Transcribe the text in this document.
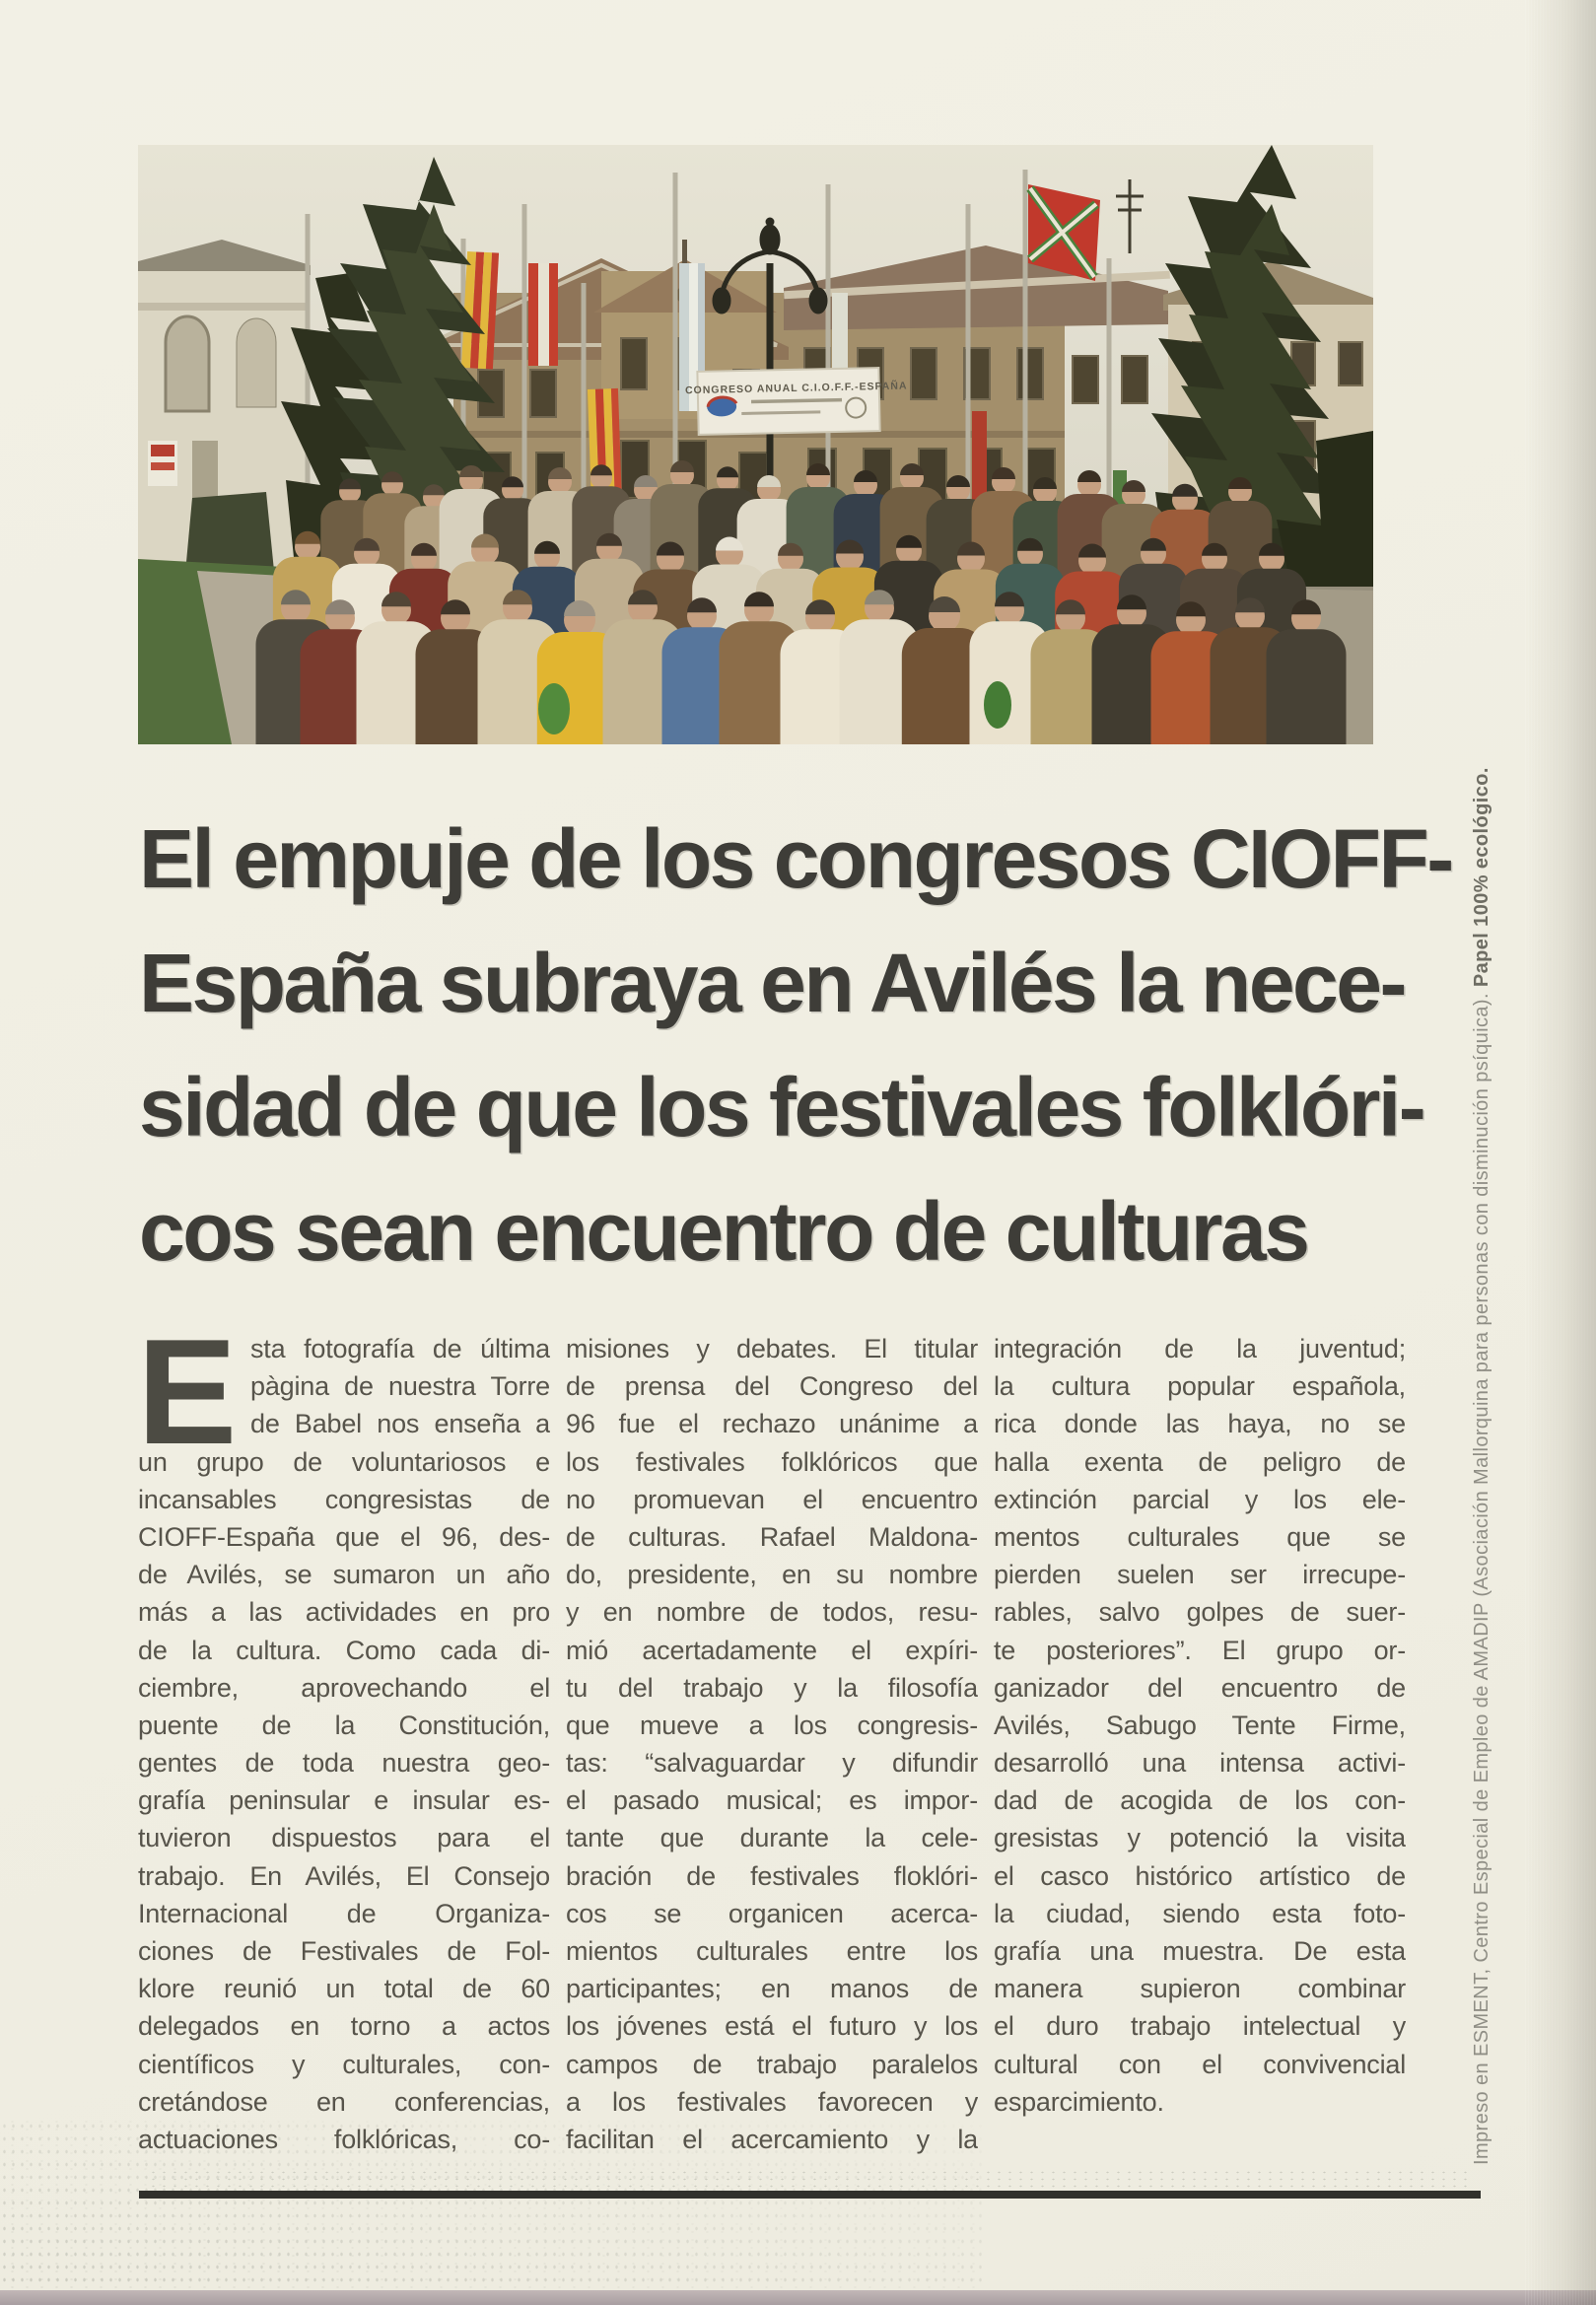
CONGRESO ANUAL C.I.O.F.F.-ESPAÑA
El empuje de los congresos CIOFF-
España subraya en Avilés la nece-
sidad de que los festivales folklóri-
cos sean encuentro de culturas
E sta fotografía de última
pàgina de nuestra Torre
de Babel nos enseña a
un grupo de voluntariosos e
incansables congresistas de
CIOFF-España que el 96, des-
de Avilés, se sumaron un año
más a las actividades en pro
de la cultura. Como cada di-
ciembre, aprovechando el
puente de la Constitución,
gentes de toda nuestra geo-
grafía peninsular e insular es-
tuvieron dispuestos para el
trabajo. En Avilés, El Consejo
Internacional de Organiza-
ciones de Festivales de Fol-
klore reunió un total de 60
delegados en torno a actos
científicos y culturales, con-
cretándose en conferencias,
actuaciones folklóricas, co-
misiones y debates. El titular
de prensa del Congreso del
96 fue el rechazo unánime a
los festivales folklóricos que
no promuevan el encuentro
de culturas. Rafael Maldona-
do, presidente, en su nombre
y en nombre de todos, resu-
mió acertadamente el expíri-
tu del trabajo y la filosofía
que mueve a los congresis-
tas: “salvaguardar y difundir
el pasado musical; es impor-
tante que durante la cele-
bración de festivales floklóri-
cos se organicen acerca-
mientos culturales entre los
participantes; en manos de
los jóvenes está el futuro y los
campos de trabajo paralelos
a los festivales favorecen y
facilitan el acercamiento y la
integración de la juventud;
la cultura popular española,
rica donde las haya, no se
halla exenta de peligro de
extinción parcial y los ele-
mentos culturales que se
pierden suelen ser irrecupe-
rables, salvo golpes de suer-
te posteriores”. El grupo or-
ganizador del encuentro de
Avilés, Sabugo Tente Firme,
desarrolló una intensa activi-
dad de acogida de los con-
gresistas y potenció la visita
el casco histórico artístico de
la ciudad, siendo esta foto-
grafía una muestra. De esta
manera supieron combinar
el duro trabajo intelectual y
cultural con el convivencial
esparcimiento.	Impreso en ESMENT, Centro Especial de Empleo de AMADIP (Asociación Mallorquina para personas con disminución psíquica). Papel 100% ecológico.
